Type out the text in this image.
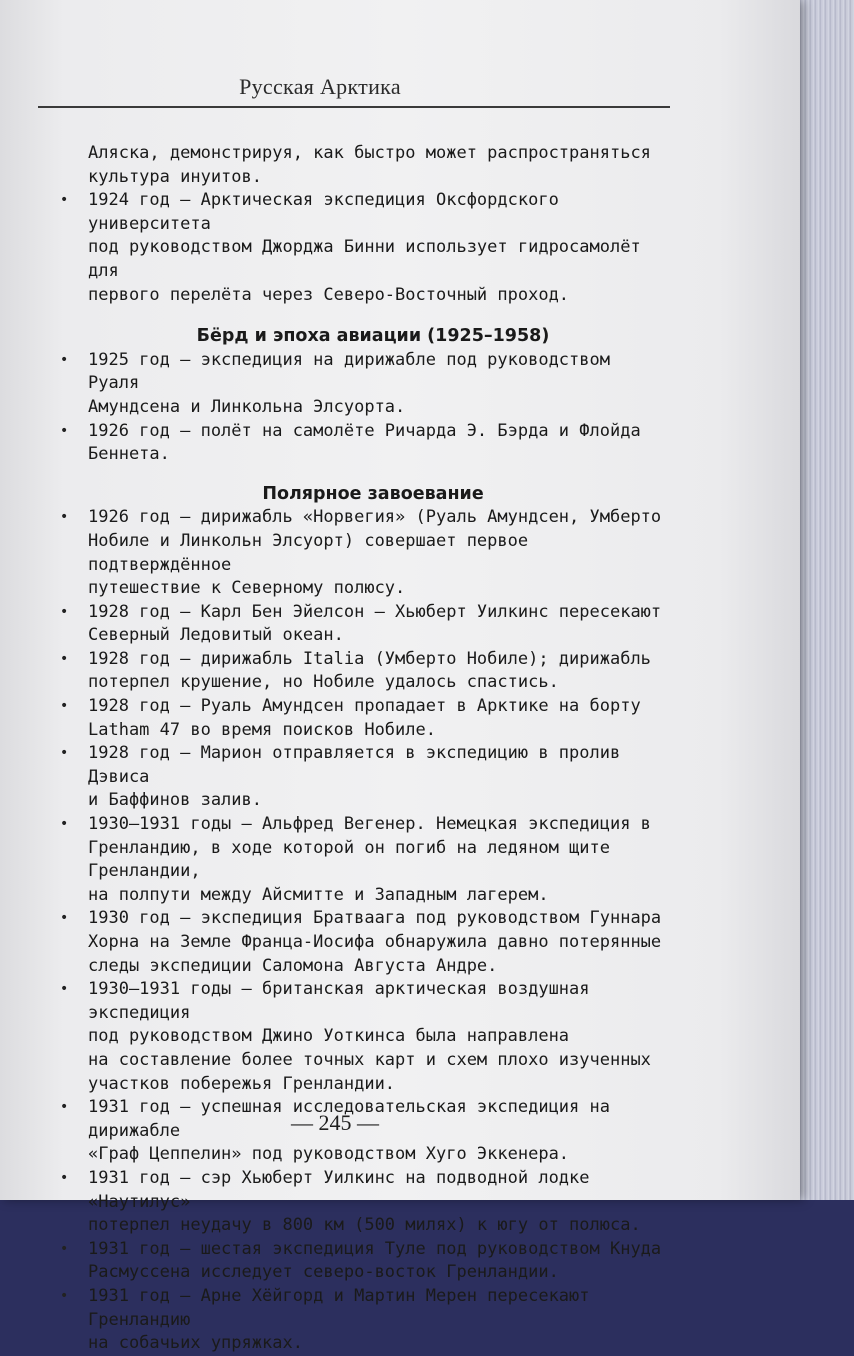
Русская Арктика

Аляска, демонстрируя, как быстро может распространяться
культура инуитов.

• 1924 год – Арктическая экспедиция Оксфордского университета
под руководством Джорджа Бинни использует гидросамолёт для
первого перелёта через Северо-Восточный проход.

Бёрд и эпоха авиации (1925–1958)

• 1925 год – экспедиция на дирижабле под руководством Руаля
Амундсена и Линкольна Элсуорта.

• 1926 год – полёт на самолёте Ричарда Э. Бэрда и Флойда Беннета.

Полярное завоевание

• 1926 год – дирижабль «Норвегия» (Руаль Амундсен, Умберто
Нобиле и Линкольн Элсуорт) совершает первое подтверждённое
путешествие к Северному полюсу.

• 1928 год – Карл Бен Эйелсон – Хьюберт Уилкинс пересекают
Северный Ледовитый океан.

• 1928 год – дирижабль Italia (Умберто Нобиле); дирижабль
потерпел крушение, но Нобиле удалось спастись.

• 1928 год – Руаль Амундсен пропадает в Арктике на борту
Latham 47 во время поисков Нобиле.

• 1928 год – Марион отправляется в экспедицию в пролив Дэвиса
и Баффинов залив.

• 1930–1931 годы – Альфред Вегенер. Немецкая экспедиция в
Гренландию, в ходе которой он погиб на ледяном щите Гренландии,
на полпути между Айсмитте и Западным лагерем.

• 1930 год – экспедиция Братваага под руководством Гуннара
Хорна на Земле Франца-Иосифа обнаружила давно потерянные
следы экспедиции Саломона Августа Андре.

• 1930–1931 годы – британская арктическая воздушная экспедиция
под руководством Джино Уоткинса была направлена
на составление более точных карт и схем плохо изученных
участков побережья Гренландии.

• 1931 год – успешная исследовательская экспедиция на дирижабле
«Граф Цеппелин» под руководством Хуго Эккенера.

• 1931 год – сэр Хьюберт Уилкинс на подводной лодке «Наутилус»
потерпел неудачу в 800 км (500 милях) к югу от полюса.

• 1931 год – шестая экспедиция Туле под руководством Кнуда
Расмуссена исследует северо-восток Гренландии.

• 1931 год – Арне Хёйгорд и Мартин Мерен пересекают Гренландию
на собачьих упряжках.

— 245 —
